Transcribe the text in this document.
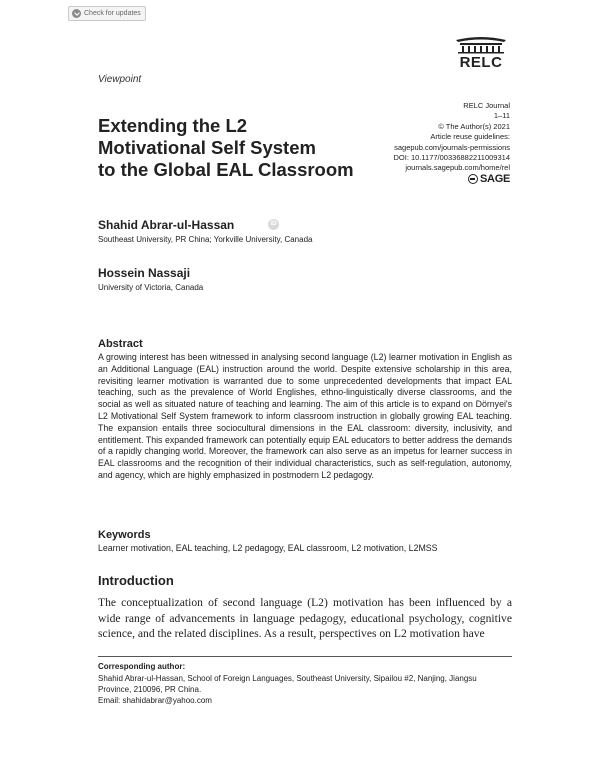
Check for updates
RELC
Viewpoint
Extending the L2
Motivational Self System
to the Global EAL Classroom
RELC Journal
1–11
© The Author(s) 2021
Article reuse guidelines:
sagepub.com/journals-permissions
DOI: 10.1177/00336882211009314
journals.sagepub.com/home/rel
SAGE
Shahid Abrar-ul-Hassan	iD
Southeast University, PR China; Yorkville University, Canada
Hossein Nassaji
University of Victoria, Canada
Abstract
A growing interest has been witnessed in analysing second language (L2) learner motivation in English as an Additional Language (EAL) instruction around the world. Despite extensive scholarship in this area, revisiting learner motivation is warranted due to some unprecedented developments that impact EAL teaching, such as the prevalence of World Englishes, ethno-linguistically diverse classrooms, and the social as well as situated nature of teaching and learning. The aim of this article is to expand on Dörnyei's L2 Motivational Self System framework to inform classroom instruction in globally growing EAL teaching. The expansion entails three sociocultural dimensions in the EAL classroom: diversity, inclusivity, and entitlement. This expanded framework can potentially equip EAL educators to better address the demands of a rapidly changing world. Moreover, the framework can also serve as an impetus for learner success in EAL classrooms and the recognition of their individual characteristics, such as self-regulation, autonomy, and agency, which are highly emphasized in postmodern L2 pedagogy.
Keywords
Learner motivation, EAL teaching, L2 pedagogy, EAL classroom, L2 motivation, L2MSS
Introduction
The conceptualization of second language (L2) motivation has been influenced by a wide range of advancements in language pedagogy, educational psychology, cognitive science, and the related disciplines. As a result, perspectives on L2 motivation have
Corresponding author:
Shahid Abrar-ul-Hassan, School of Foreign Languages, Southeast University, Sipailou #2, Nanjing, Jiangsu
Province, 210096, PR China.
Email: shahidabrar@yahoo.com
